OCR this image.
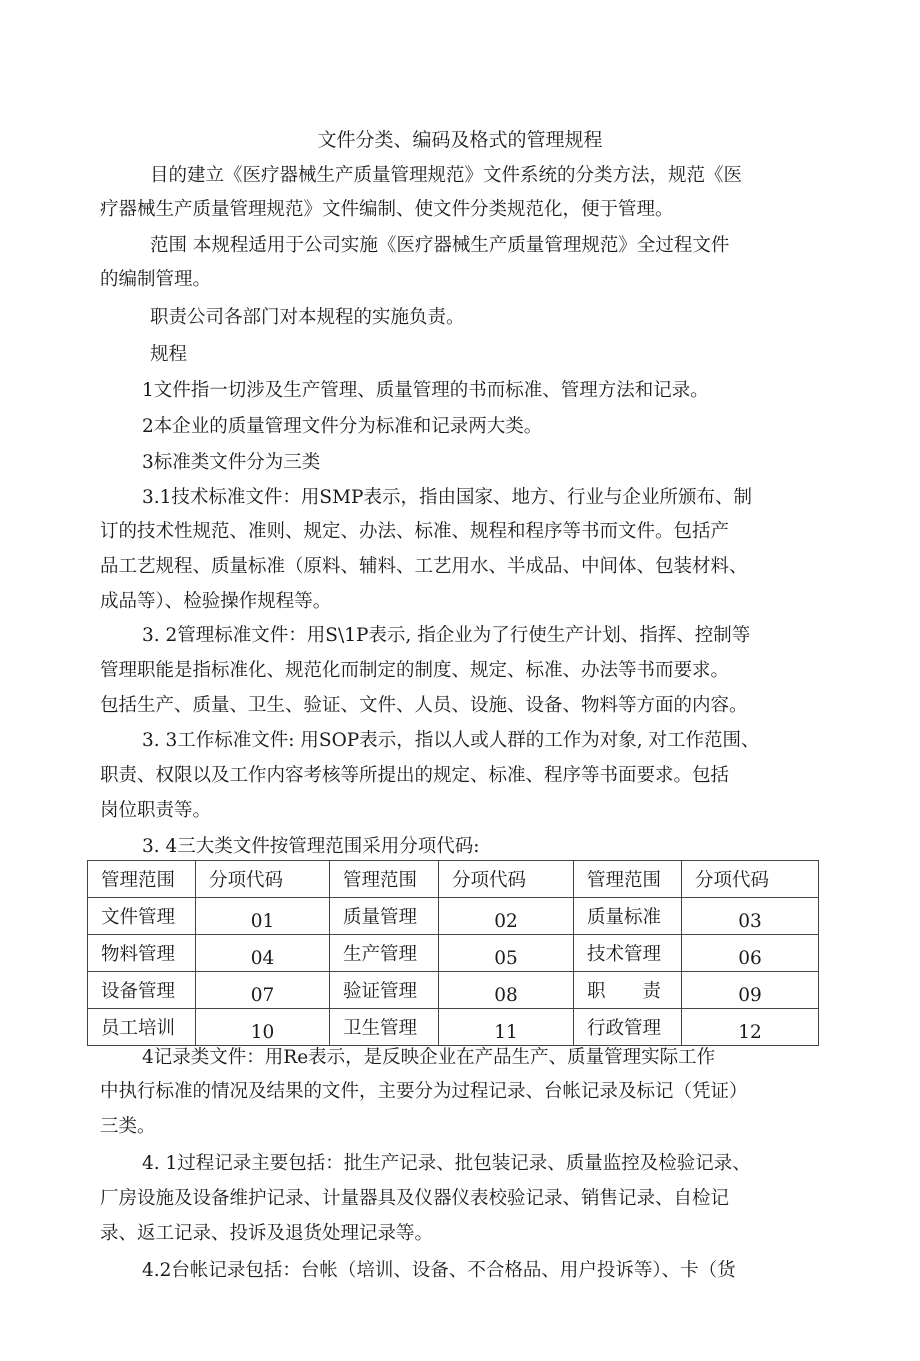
文件分类、编码及格式的管理规程
目的建立《医疗器械生产质量管理规范》文件系统的分类方法，规范《医
疗器械生产质量管理规范》文件编制、使文件分类规范化，便于管理。
范围 本规程适用于公司实施《医疗器械生产质量管理规范》全过程文件
的编制管理。
职责公司各部门对本规程的实施负责。
规程
1文件指一切涉及生产管理、质量管理的书而标准、管理方法和记录。
2本企业的质量管理文件分为标准和记录两大类。
3标准类文件分为三类
3.1技术标准文件：用SMP表示，指由国家、地方、行业与企业所颁布、制
订的技术性规范、准则、规定、办法、标准、规程和程序等书而文件。包括产
品工艺规程、质量标准（原料、辅料、工艺用水、半成品、中间体、包装材料、
成品等）、检验操作规程等。
3. 2管理标准文件：用S\1P表示, 指企业为了行使生产计划、指挥、控制等
管理职能是指标准化、规范化而制定的制度、规定、标准、办法等书而要求。
包括生产、质量、卫生、验证、文件、人员、设施、设备、物料等方面的内容。
3. 3工作标准文件: 用SOP表示，指以人或人群的工作为对象, 对工作范围、
职责、权限以及工作内容考核等所提出的规定、标准、程序等书面要求。包括
岗位职责等。
3. 4三大类文件按管理范围采用分项代码:
管理范围	分项代码	管理范围	分项代码	管理范围	分项代码
文件管理	01	质量管理	02	质量标准	03
物料管理	04	生产管理	05	技术管理	06
设备管理	07	验证管理	08	职　　责	09
员工培训	10	卫生管理	11	行政管理	12
4记录类文件：用Re表示，是反映企业在产品生产、质量管理实际工作
中执行标准的情况及结果的文件，主要分为过程记录、台帐记录及标记（凭证）
三类。
4. 1过程记录主要包括：批生产记录、批包装记录、质量监控及检验记录、
厂房设施及设备维护记录、计量器具及仪器仪表校验记录、销售记录、自检记
录、返工记录、投诉及退货处理记录等。
4.2台帐记录包括：台帐（培训、设备、不合格品、用户投诉等）、卡（货
